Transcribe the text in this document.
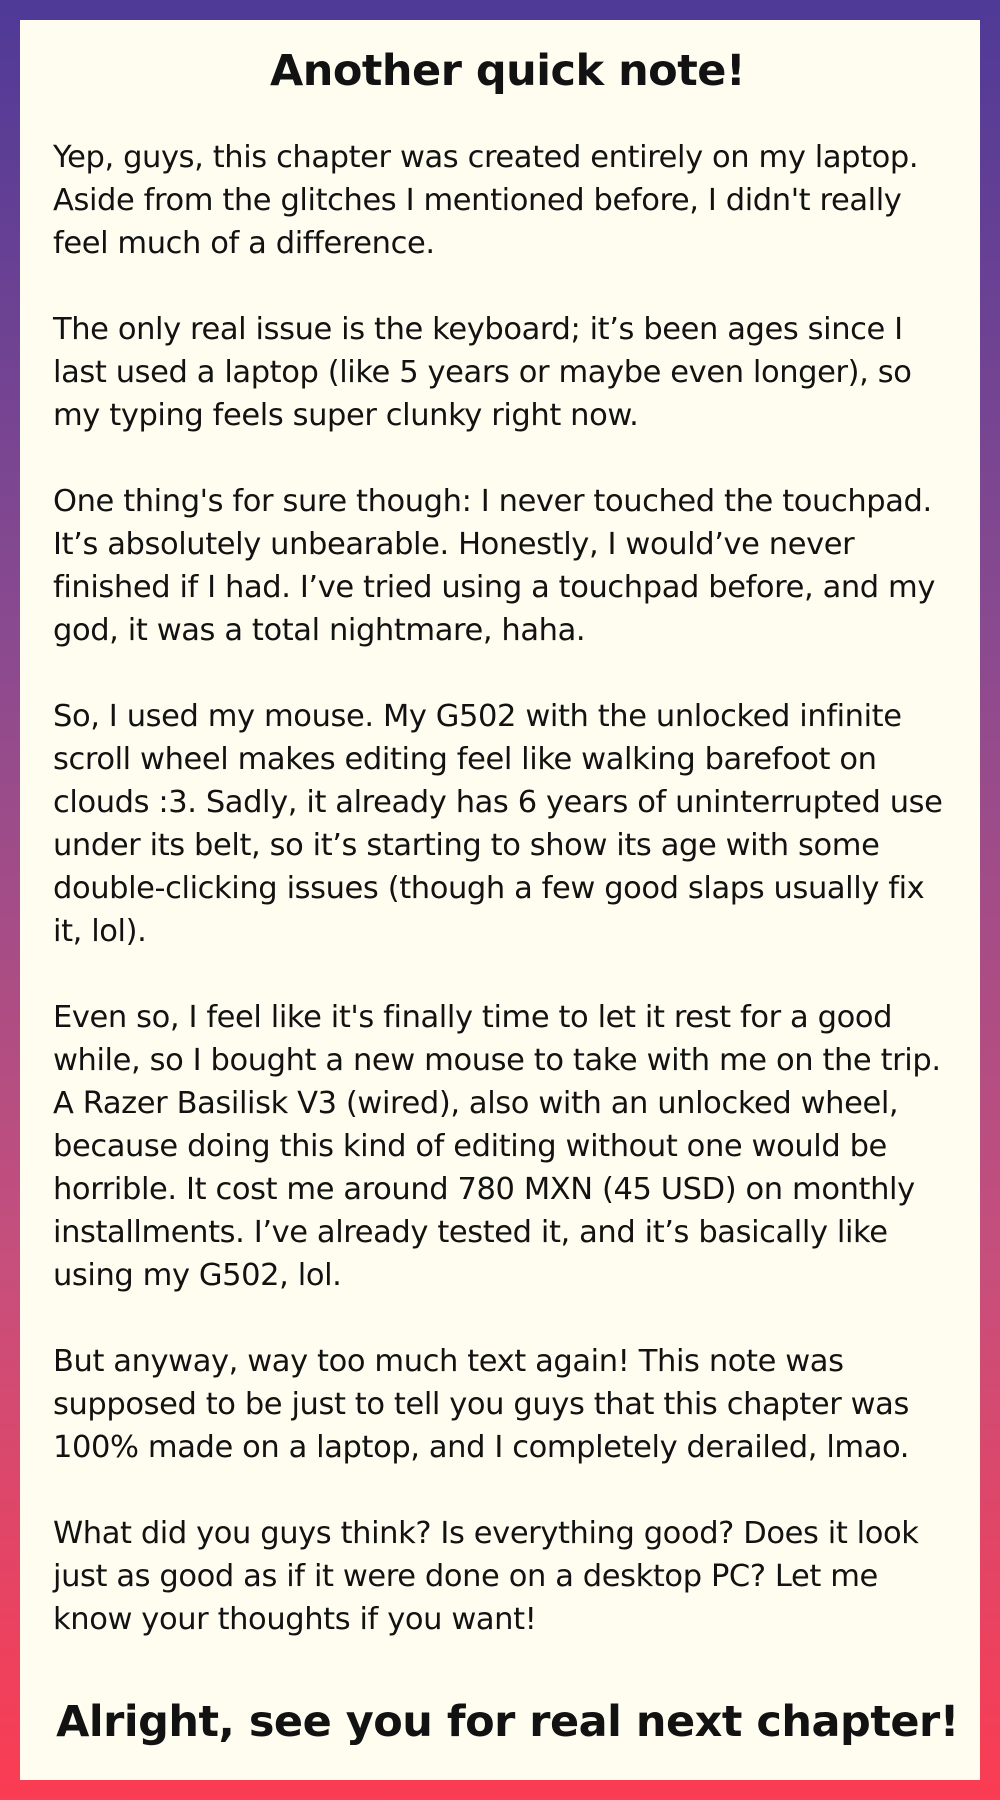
Another quick note!

Yep, guys, this chapter was created entirely on my laptop. Aside from the glitches I mentioned before, I didn't really feel much of a difference.

The only real issue is the keyboard; it’s been ages since I last used a laptop (like 5 years or maybe even longer), so my typing feels super clunky right now.

One thing's for sure though: I never touched the touchpad. It’s absolutely unbearable. Honestly, I would’ve never finished if I had. I’ve tried using a touchpad before, and my god, it was a total nightmare, haha.

So, I used my mouse. My G502 with the unlocked infinite scroll wheel makes editing feel like walking barefoot on clouds :3. Sadly, it already has 6 years of uninterrupted use under its belt, so it’s starting to show its age with some double-clicking issues (though a few good slaps usually fix it, lol).

Even so, I feel like it's finally time to let it rest for a good while, so I bought a new mouse to take with me on the trip. A Razer Basilisk V3 (wired), also with an unlocked wheel, because doing this kind of editing without one would be horrible. It cost me around 780 MXN (45 USD) on monthly installments. I’ve already tested it, and it’s basically like using my G502, lol.

But anyway, way too much text again! This note was supposed to be just to tell you guys that this chapter was 100% made on a laptop, and I completely derailed, lmao.

What did you guys think? Is everything good? Does it look just as good as if it were done on a desktop PC? Let me know your thoughts if you want!

Alright, see you for real next chapter!
